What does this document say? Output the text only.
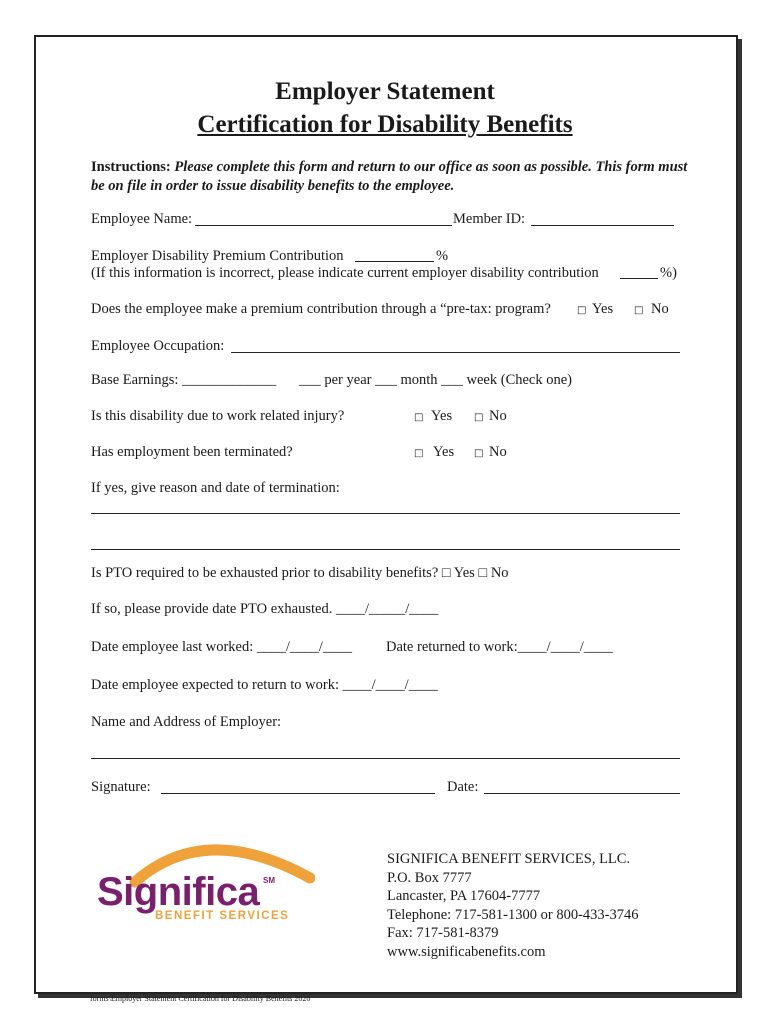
Employer Statement
Certification for Disability Benefits
Instructions: Please complete this form and return to our office as soon as possible. This form must be on file in order to issue disability benefits to the employee.
Employee Name:	Member ID:
Employer Disability Premium Contribution	%
(If this information is incorrect, please indicate current employer disability contribution	%)
Does the employee make a premium contribution through a “pre-tax: program?	□ Yes □ No
Employee Occupation:
Base Earnings: _____________ ___ per year ___ month ___ week (Check one)
Is this disability due to work related injury?	□ Yes □ No
Has employment been terminated?	□ Yes □ No
If yes, give reason and date of termination:
Is PTO required to be exhausted prior to disability benefits? □ Yes □ No
If so, please provide date PTO exhausted. ____/_____/____
Date employee last worked: ____/____/____ Date returned to work:____/____/____
Date employee expected to return to work: ____/____/____
Name and Address of Employer:
Signature:	Date:
Significa SM
BENEFIT SERVICES
SIGNIFICA BENEFIT SERVICES, LLC.
P.O. Box 7777
Lancaster, PA 17604-7777
Telephone: 717-581-1300 or 800-433-3746
Fax: 717-581-8379
www.significabenefits.com
forms\Employer Statement Certification for Disability Benefits 2020
